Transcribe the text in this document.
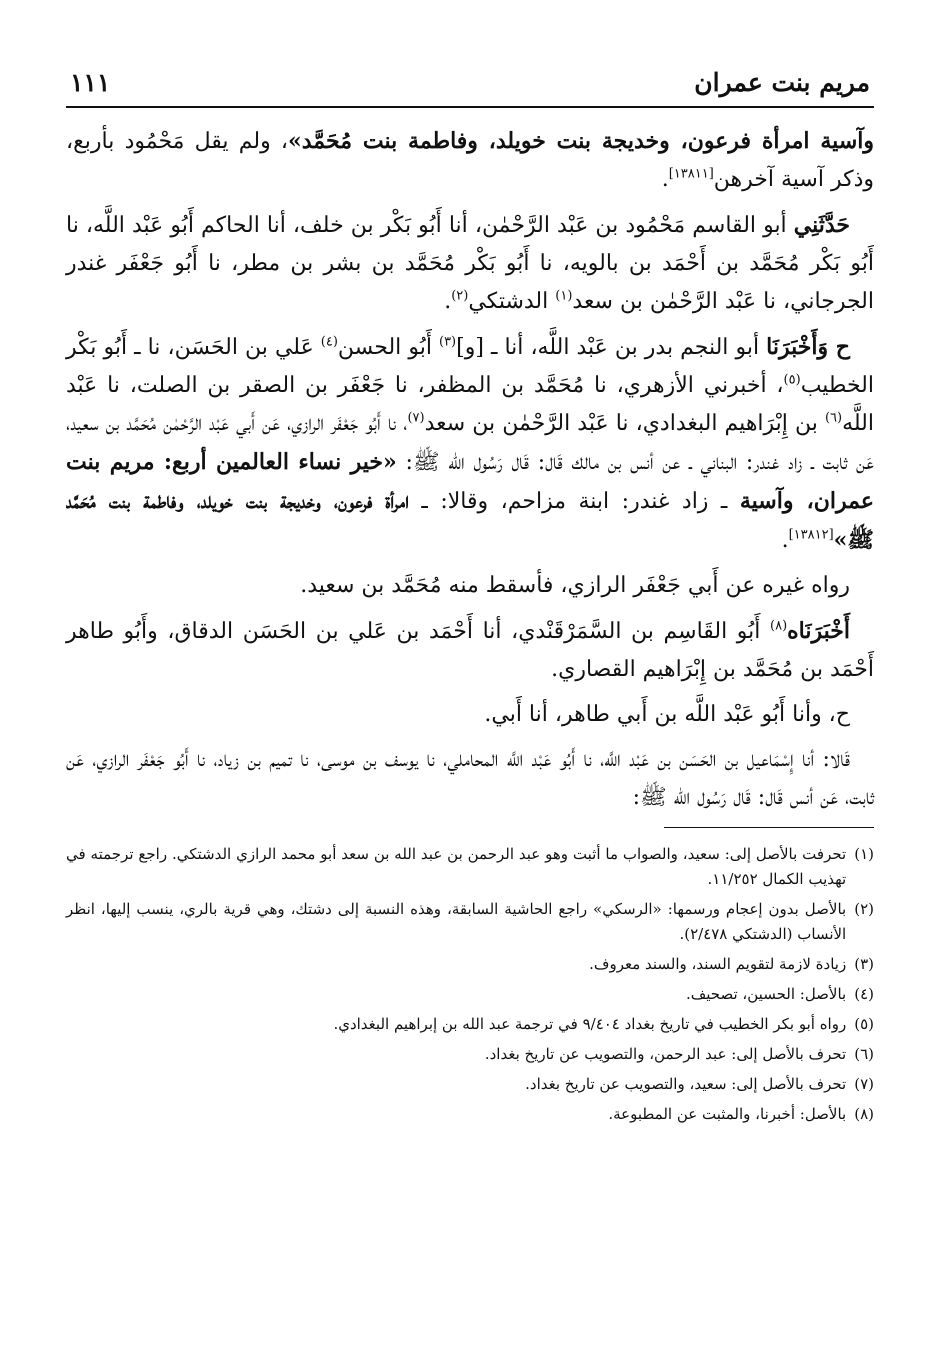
مريم بنت عمران
١١١

وآسية امرأة فرعون، وخديجة بنت خويلد، وفاطمة بنت مُحَمَّد»، ولم يقل مَحْمُود بأربع، وذكر آسية آخرهن[١٣٨١١].

حَدَّثَنِي أبو القاسم مَحْمُود بن عَبْد الرَّحْمٰن، أنا أَبُو بَكْر بن خلف، أنا الحاكم أَبُو عَبْد اللَّه، نا أَبُو بَكْر مُحَمَّد بن أَحْمَد بن بالويه، نا أَبُو بَكْر مُحَمَّد بن بشر بن مطر، نا أَبُو جَعْفَر غندر الجرجاني، نا عَبْد الرَّحْمٰن بن سعد$^{(١)}$ الدشتكي$^{(٢)}$.

ح وَأَخْبَرَنَا أبو النجم بدر بن عَبْد اللَّه، أنا ـ [و]$^{(٣)}$ أَبُو الحسن$^{(٤)}$ عَلي بن الحَسَن، نا ـ أَبُو بَكْر الخطيب$^{(٥)}$، أخبرني الأزهري، نا مُحَمَّد بن المظفر، نا جَعْفَر بن الصقر بن الصلت، نا عَبْد اللَّه$^{(٦)}$ بن إِبْرَاهيم البغدادي، نا عَبْد الرَّحْمٰن بن سعد$^{(٧)}$، نا أَبُو جَعْفَر الرازي، عَن أَبي عَبْد الرَّحْمٰن مُحَمَّد بن سعيد، عَن ثابت ـ زاد غندر: البناني ـ عن أنس بن مالك قَال: قَال رَسُول الله ﷺ: «خير نساء العالمين أربع: مريم بنت عمران، وآسية ـ زاد غندر: ابنة مزاحم، وقالا: ـ امرأة فرعون، وخديجة بنت خويلد، وفاطمة بنت مُحَمَّد ﷺ»[١٣٨١٢].

رواه غيره عن أَبي جَعْفَر الرازي، فأسقط منه مُحَمَّد بن سعيد.

أَخْبَرَنَاه$^{(٨)}$ أَبُو القَاسِم بن السَّمَرْقَنْدي، أنا أَحْمَد بن عَلي بن الحَسَن الدقاق، وأَبُو طاهر أَحْمَد بن مُحَمَّد بن إِبْرَاهيم القصاري.

ح، وأنا أَبُو عَبْد اللَّه بن أَبي طاهر، أنا أَبي.

قَالا: أنا إِسْمَاعيل بن الحَسَن بن عَبْد اللَّه، نا أَبُو عَبْد اللَّه المحاملي، نا يوسف بن موسى، نا تميم بن زياد، نا أَبُو جَعْفَر الرازي، عَن ثابت، عَن أنس قَال: قَال رَسُول الله ﷺ:

(١)
تحرفت بالأصل إلى: سعيد، والصواب ما أثبت وهو عبد الرحمن بن عبد الله بن سعد أبو محمد الرازي الدشتكي. راجع ترجمته في تهذيب الكمال ١١/٢٥٢.
(٢)
بالأصل بدون إعجام ورسمها: «الرسكي» راجع الحاشية السابقة، وهذه النسبة إلى دشتك، وهي قرية بالري، ينسب إليها، انظر الأنساب (الدشتكي ٢/٤٧٨).
(٣)
زيادة لازمة لتقويم السند، والسند معروف.
(٤)
بالأصل: الحسين، تصحيف.
(٥)
رواه أبو بكر الخطيب في تاريخ بغداد ٩/٤٠٤ في ترجمة عبد الله بن إبراهيم البغدادي.
(٦)
تحرف بالأصل إلى: عبد الرحمن، والتصويب عن تاريخ بغداد.
(٧)
تحرف بالأصل إلى: سعيد، والتصويب عن تاريخ بغداد.
(٨)
بالأصل: أخبرنا، والمثبت عن المطبوعة.
